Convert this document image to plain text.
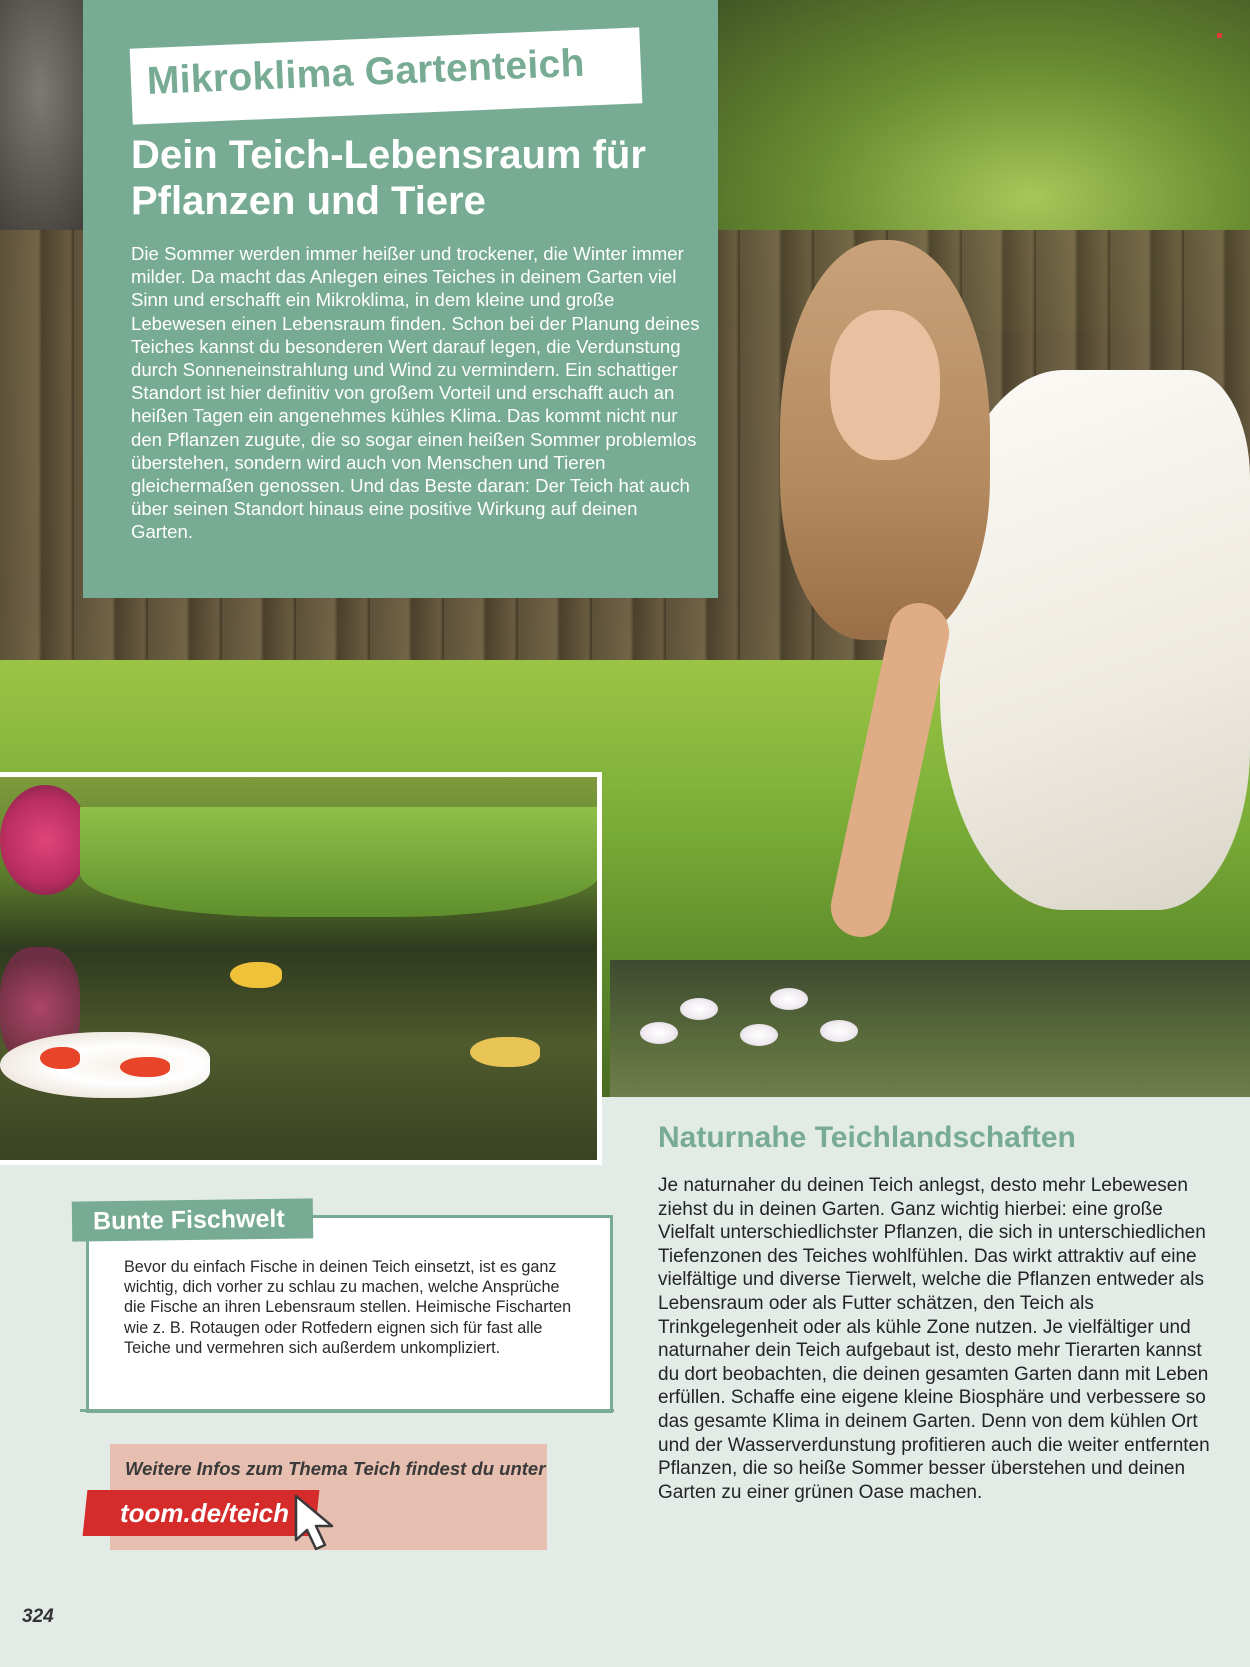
Mikroklima Gartenteich
Dein Teich-Lebensraum für Pflanzen und Tiere

Die Sommer werden immer heißer und trockener, die Winter immer milder. Da macht das Anlegen eines Teiches in deinem Garten viel Sinn und erschafft ein Mikroklima, in dem kleine und große Lebewesen einen Lebensraum finden. Schon bei der Planung deines Teiches kannst du besonderen Wert darauf legen, die Verdunstung durch Sonneneinstrahlung und Wind zu vermindern. Ein schattiger Standort ist hier definitiv von großem Vorteil und erschafft auch an heißen Tagen ein angenehmes kühles Klima. Das kommt nicht nur den Pflanzen zugute, die so sogar einen heißen Sommer problemlos überstehen, sondern wird auch von Menschen und Tieren gleichermaßen genossen. Und das Beste daran: Der Teich hat auch über seinen Standort hinaus eine positive Wirkung auf deinen Garten.

Bunte Fischwelt

Bevor du einfach Fische in deinen Teich einsetzt, ist es ganz wichtig, dich vorher zu schlau zu machen, welche Ansprüche die Fische an ihren Lebensraum stellen. Heimische Fischarten wie z. B. Rotaugen oder Rotfedern eignen sich für fast alle Teiche und vermehren sich außerdem unkompliziert.

Weitere Infos zum Thema Teich findest du unter

toom.de/teich

Naturnahe Teichlandschaften

Je naturnaher du deinen Teich anlegst, desto mehr Lebewesen ziehst du in deinen Garten. Ganz wichtig hierbei: eine große Vielfalt unterschiedlichster Pflanzen, die sich in unterschiedlichen Tiefenzonen des Teiches wohlfühlen. Das wirkt attraktiv auf eine vielfältige und diverse Tierwelt, welche die Pflanzen entweder als Lebensraum oder als Futter schätzen, den Teich als Trinkgelegenheit oder als kühle Zone nutzen. Je vielfältiger und naturnaher dein Teich aufgebaut ist, desto mehr Tierarten kannst du dort beobachten, die deinen gesamten Garten dann mit Leben erfüllen. Schaffe eine eigene kleine Biosphäre und verbessere so das gesamte Klima in deinem Garten. Denn von dem kühlen Ort und der Wasserverdunstung profitieren auch die weiter entfernten Pflanzen, die so heiße Sommer besser überstehen und deinen Garten zu einer grünen Oase machen.

324
